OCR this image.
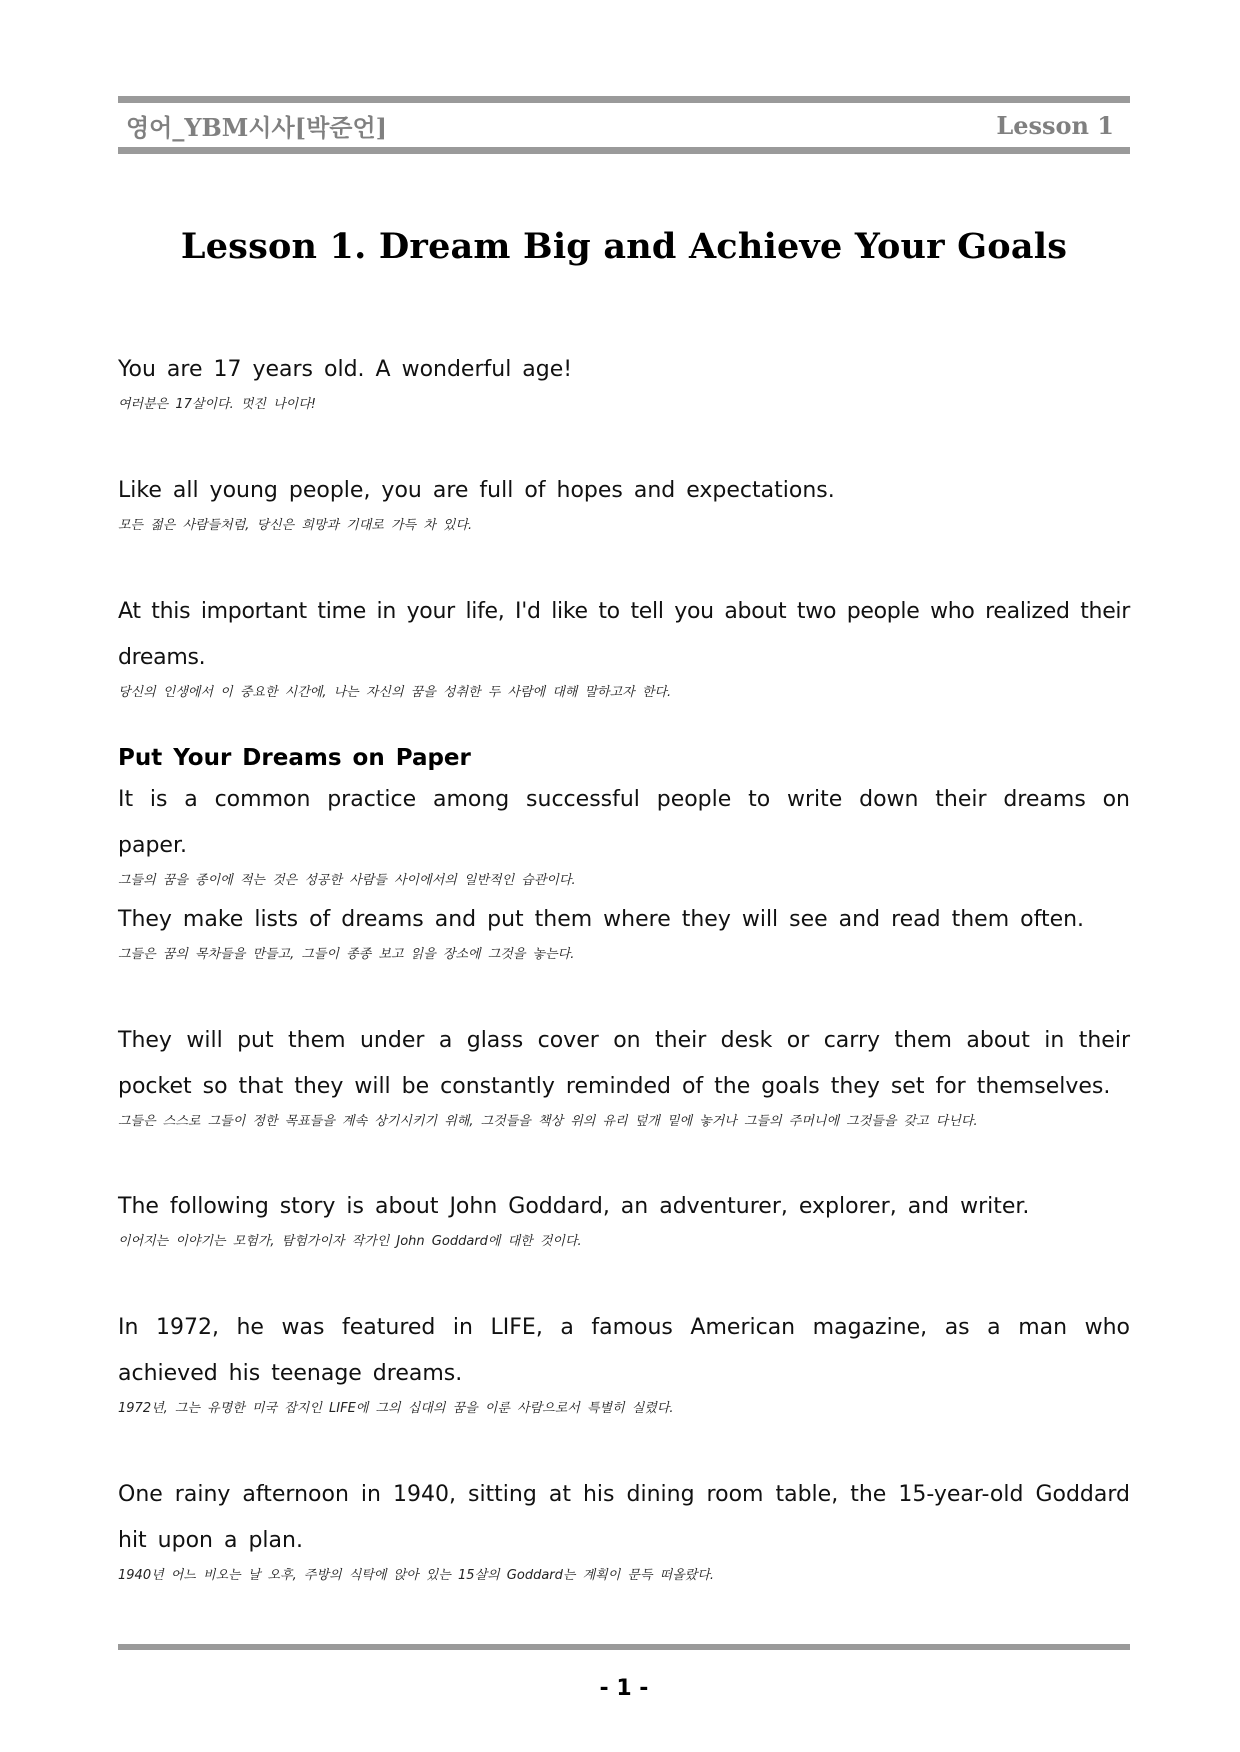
영어_YBM시사[박준언]	Lesson 1
Lesson 1. Dream Big and Achieve Your Goals
You are 17 years old. A wonderful age!
여러분은 17살이다. 멋진 나이다!
Like all young people, you are full of hopes and expectations.
모든 젊은 사람들처럼, 당신은 희망과 기대로 가득 차 있다.
At this important time in your life, I'd like to tell you about two people who realized their dreams.
당신의 인생에서 이 중요한 시간에, 나는 자신의 꿈을 성취한 두 사람에 대해 말하고자 한다.
Put Your Dreams on Paper
It is a common practice among successful people to write down their dreams on paper.
그들의 꿈을 종이에 적는 것은 성공한 사람들 사이에서의 일반적인 습관이다.
They make lists of dreams and put them where they will see and read them often.
그들은 꿈의 목차들을 만들고, 그들이 종종 보고 읽을 장소에 그것을 놓는다.
They will put them under a glass cover on their desk or carry them about in their pocket so that they will be constantly reminded of the goals they set for themselves.
그들은 스스로 그들이 정한 목표들을 계속 상기시키기 위해, 그것들을 책상 위의 유리 덮개 밑에 놓거나 그들의 주머니에 그것들을 갖고 다닌다.
The following story is about John Goddard, an adventurer, explorer, and writer.
이어지는 이야기는 모험가, 탐험가이자 작가인 John Goddard에 대한 것이다.
In 1972, he was featured in LIFE, a famous American magazine, as a man who achieved his teenage dreams.
1972년, 그는 유명한 미국 잡지인 LIFE에 그의 십대의 꿈을 이룬 사람으로서 특별히 실렸다.
One rainy afternoon in 1940, sitting at his dining room table, the 15-year-old Goddard hit upon a plan.
1940년 어느 비오는 날 오후, 주방의 식탁에 앉아 있는 15살의 Goddard는 계획이 문득 떠올랐다.
- 1 -
